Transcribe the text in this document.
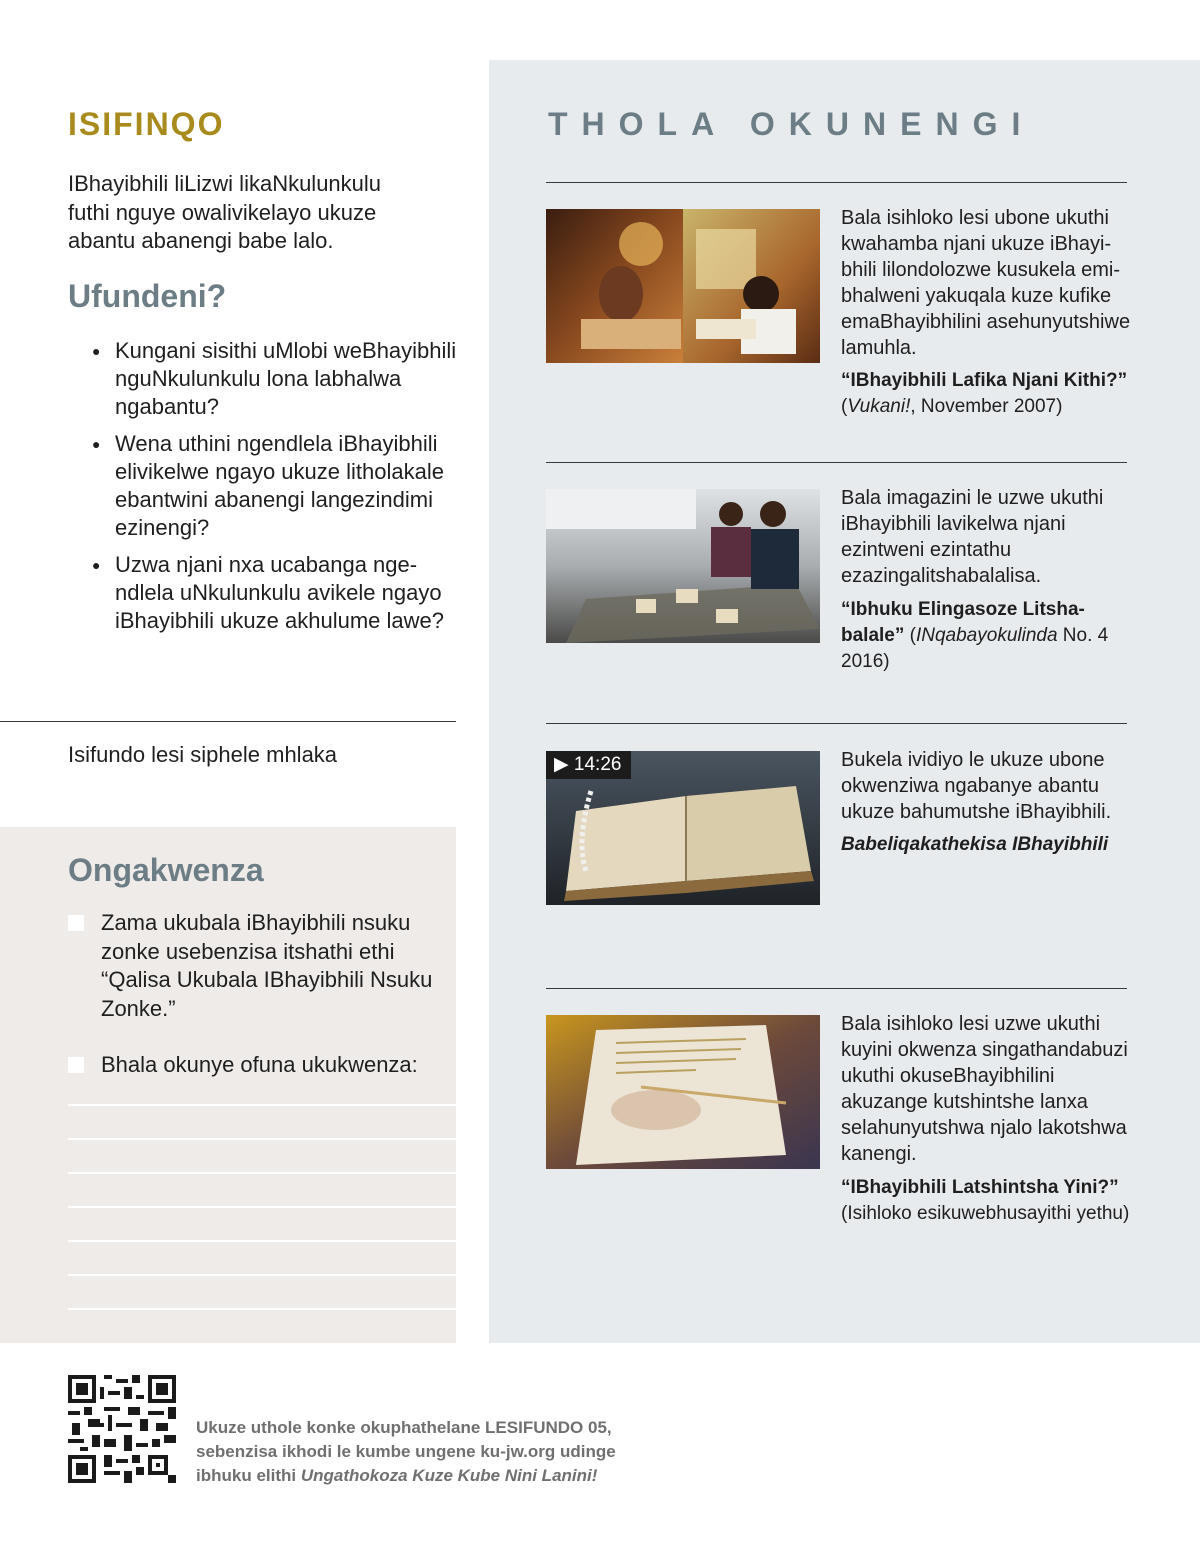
ISIFINQO

IBhayibhili liLizwi likaNkulunkulu futhi nguye owalivikelayo ukuze abantu abanengi babe lalo.

Ufundeni?
● Kungani sisithi uMlobi weBhayibhili nguNkulunkulu lona labhalwa ngabantu?
● Wena uthini ngendlela iBhayibhili elivikelwe ngayo ukuze litholakale ebantwini abanengi langezindimi ezinengi?
● Uzwa njani nxa ucabanga ngendlela uNkulunkulu avikele ngayo iBhayibhili ukuze akhulume lawe?

Isifundo lesi siphele mhlaka

Ongakwenza
Zama ukubala iBhayibhili nsuku zonke usebenzisa itshathi ethi “Qalisa Ukubala IBhayibhili Nsuku Zonke.”
Bhala okunye ofuna ukukwenza:
THOLA OKUNENGI

Bala isihloko lesi ubone ukuthi kwahamba njani ukuze iBhayibhili lilondolozwe kusukela emibhalweni yakuqala kuze kufike emaBhayibhilini asehunyutshiwe lamuhla.

“IBhayibhili Lafika Njani Kithi?”
(Vukani!, November 2007)

Bala imagazini le uzwe ukuthi iBhayibhili lavikelwa njani ezintweni ezintathu ezazingalitshabalalisa.

“Ibhuku Elingasoze Litshabalale” (INqabayokulinda No. 4 2016)

▶ 14:26	Bukela ividiyo le ukuze ubone okwenziwa ngabanye abantu ukuze bahumutshe iBhayibhili.

Babeliqakathekisa IBhayibhili

Bala isihloko lesi uzwe ukuthi kuyini okwenza singathandabuzi ukuthi okuseBhayibhilini akuzange kutshintshe lanxa selahunyutshwa njalo lakotshwa kanengi.

“IBhayibhili Latshintsha Yini?”
(Isihloko esikuwebhusayithi yethu)

Ukuze uthole konke okuphathelane LESIFUNDO 05,
sebenzisa ikhodi le kumbe ungene ku-jw.org udinge
ibhuku elithi Ungathokoza Kuze Kube Nini Lanini!
